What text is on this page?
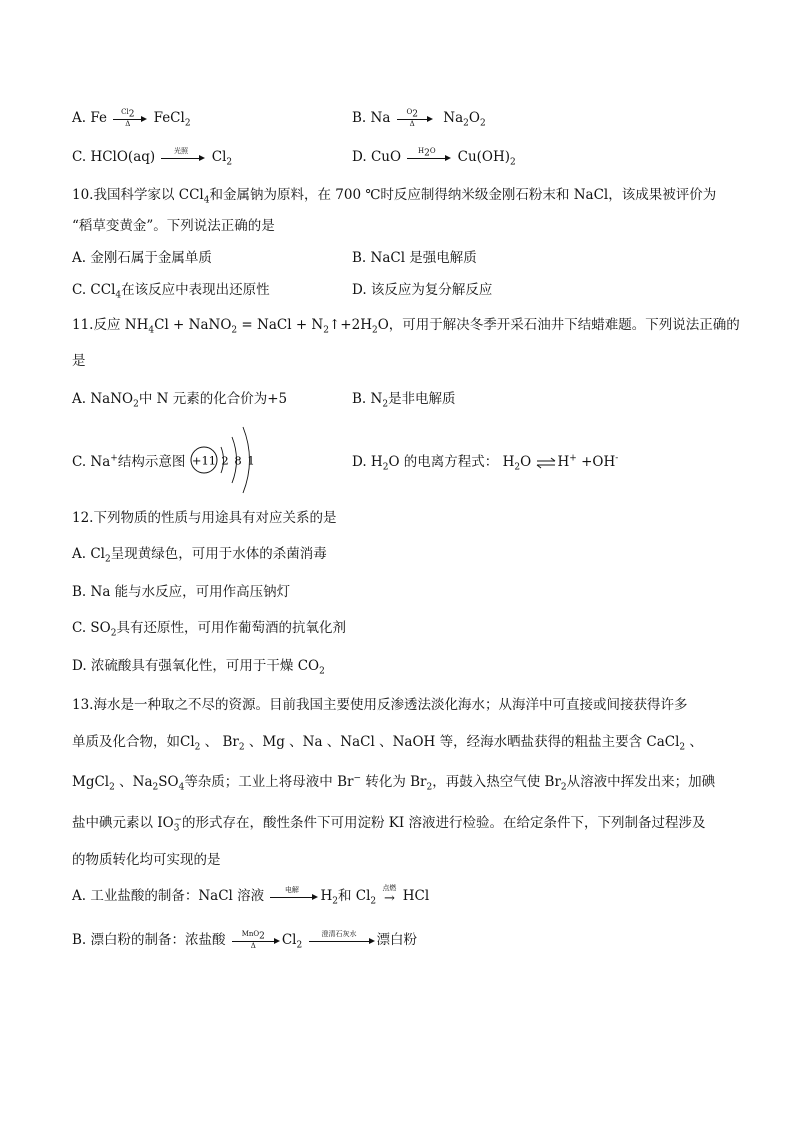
A. Fe $\frac{Cl_2}{\Delta}$ FeCl$_2$	B. Na $\frac{O_2}{\Delta} Na_2O_2$
C. HClO(aq)	光照	$Cl_2$	D. CuO	$H_2O$	$Cu(OH)_2$
10.我国科学家以 CCl$_4$和金属钠为原料，在 700 ℃时反应制得纳米级金刚石粉末和 NaCl，该成果被评价为
“稻草变黄金”。下列说法正确的是
A. 金刚石属于金属单质	B. NaCl 是强电解质
C. CCl$_4$在该反应中表现出还原性	D. 该反应为复分解反应
11.反应 $NH_4Cl$ + NaNO$_2$ = NaCl + $N_2↑+2H_2O$，可用于解决冬季开采石油井下结蜡难题。下列说法正确的
是
A. NaNO$_2$中 N 元素的化合价为+5	B. $N_2$是非电解质
C. Na+结构示意图 +11 2 8 1	D. $H_2O$ 的电离方程式： $H_2O$ ⇌H+ +OH-
12.下列物质的性质与用途具有对应关系的是
A. $Cl_2$呈现黄绿色，可用于水体的杀菌消毒
B. Na 能与水反应，可用作高压钠灯
C. $SO_2$具有还原性，可用作葡萄酒的抗氧化剂
D. 浓硫酸具有强氧化性，可用于干燥 $CO_2$
13.海水是一种取之不尽的资源。目前我国主要使用反渗透法淡化海水；从海洋中可直接或间接获得许多
单质及化合物，如$Cl_2$ 、 $Br_2$ 、Mg 、Na 、NaCl 、NaOH 等，经海水晒盐获得的粗盐主要含 CaCl$_2$ 、
MgCl$_2$ 、$Na_2SO_4$等杂质；工业上将母液中 Br− 转化为 $Br_2$，再鼓入热空气使 $Br_2$从溶液中挥发出来；加碘
盐中碘元素以 $IO_3^-$的形式存在，酸性条件下可用淀粉 KI 溶液进行检验。在给定条件下，下列制备过程涉及
的物质转化均可实现的是
A. 工业盐酸的制备：NaCl 溶液	电解	$H_2$和 $Cl_2$
点燃
→ HCl
B. 漂白粉的制备：浓盐酸	MnO$_2$
Δ	$Cl_2$
澄清石灰水	漂白粉
